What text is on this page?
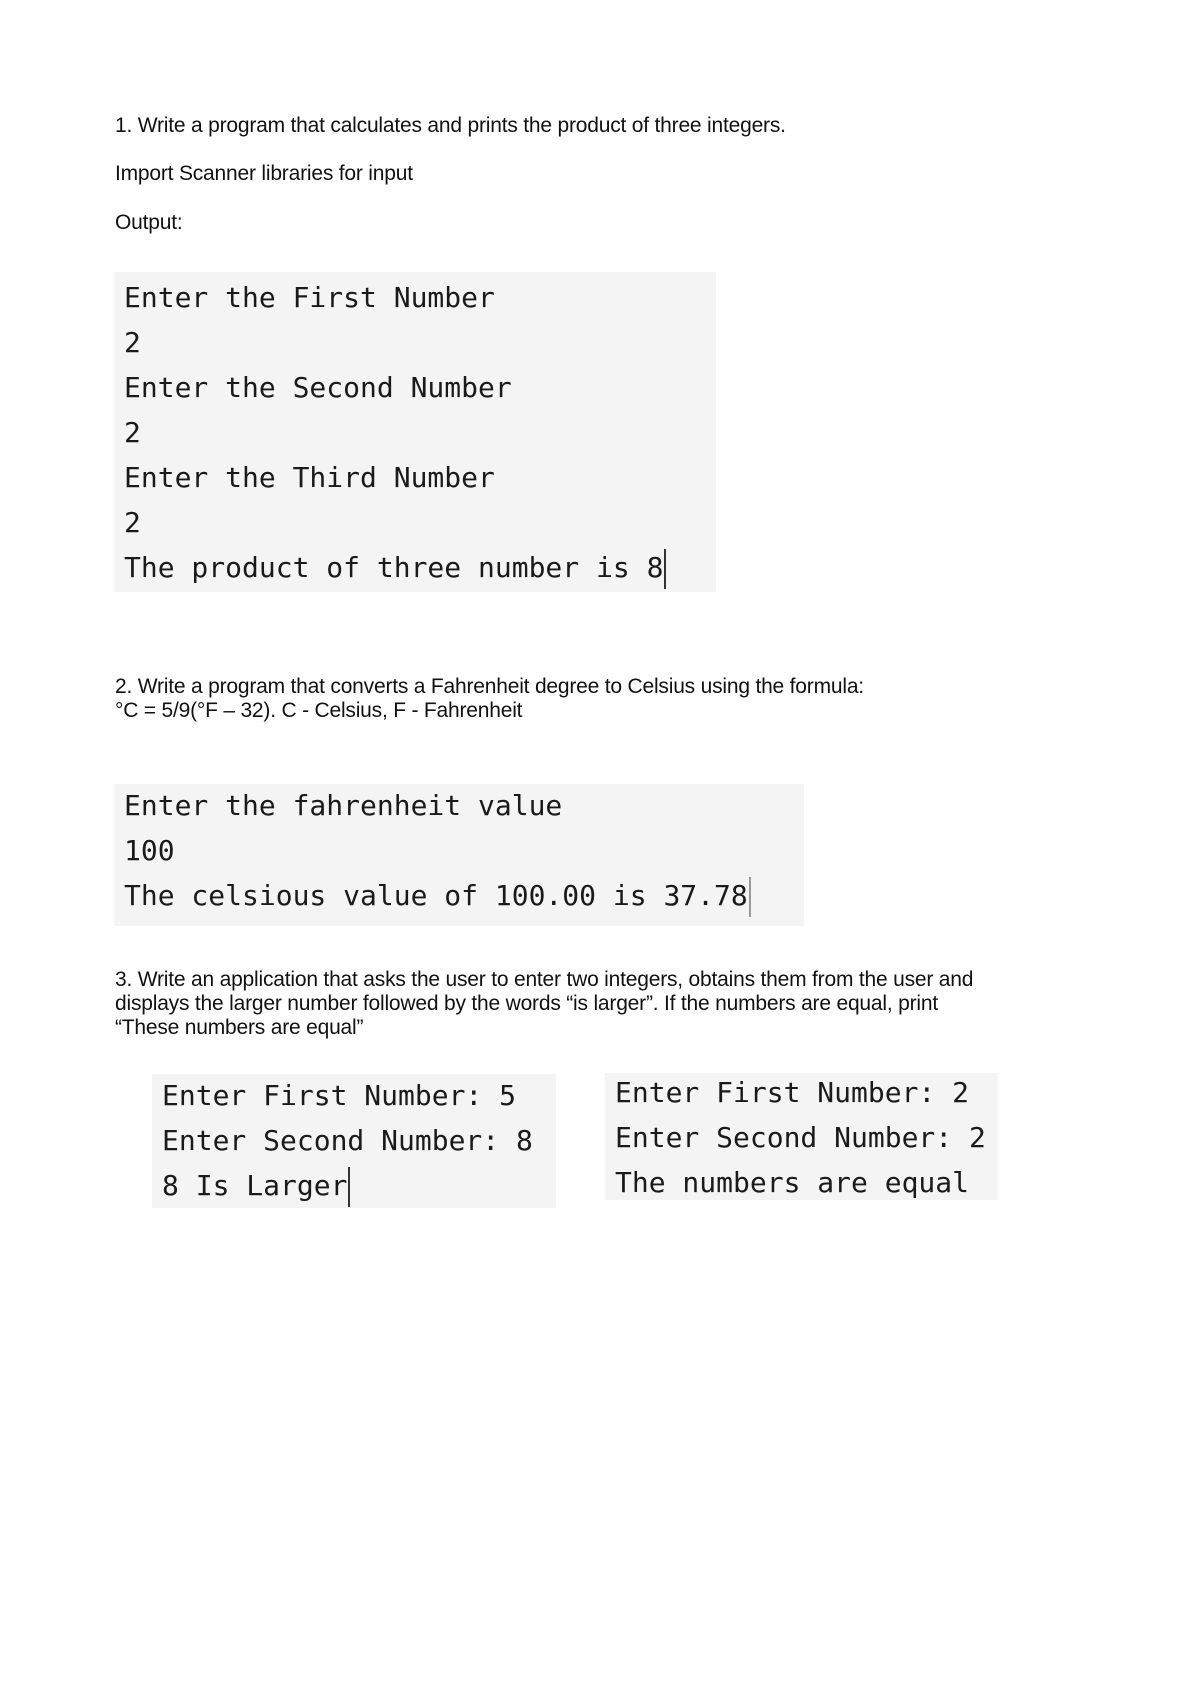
1. Write a program that calculates and prints the product of three integers.
Import Scanner libraries for input
Output:
Enter the First Number
2
Enter the Second Number
2
Enter the Third Number
2
The product of three number is 8
2. Write a program that converts a Fahrenheit degree to Celsius using the formula:
°C = 5/9(°F – 32). C - Celsius, F - Fahrenheit
Enter the fahrenheit value
100
The celsious value of 100.00 is 37.78
3. Write an application that asks the user to enter two integers, obtains them from the user and
displays the larger number followed by the words “is larger”. If the numbers are equal, print
“These numbers are equal”
Enter First Number: 5
Enter Second Number: 8
8 Is Larger
Enter First Number: 2
Enter Second Number: 2
The numbers are equal
